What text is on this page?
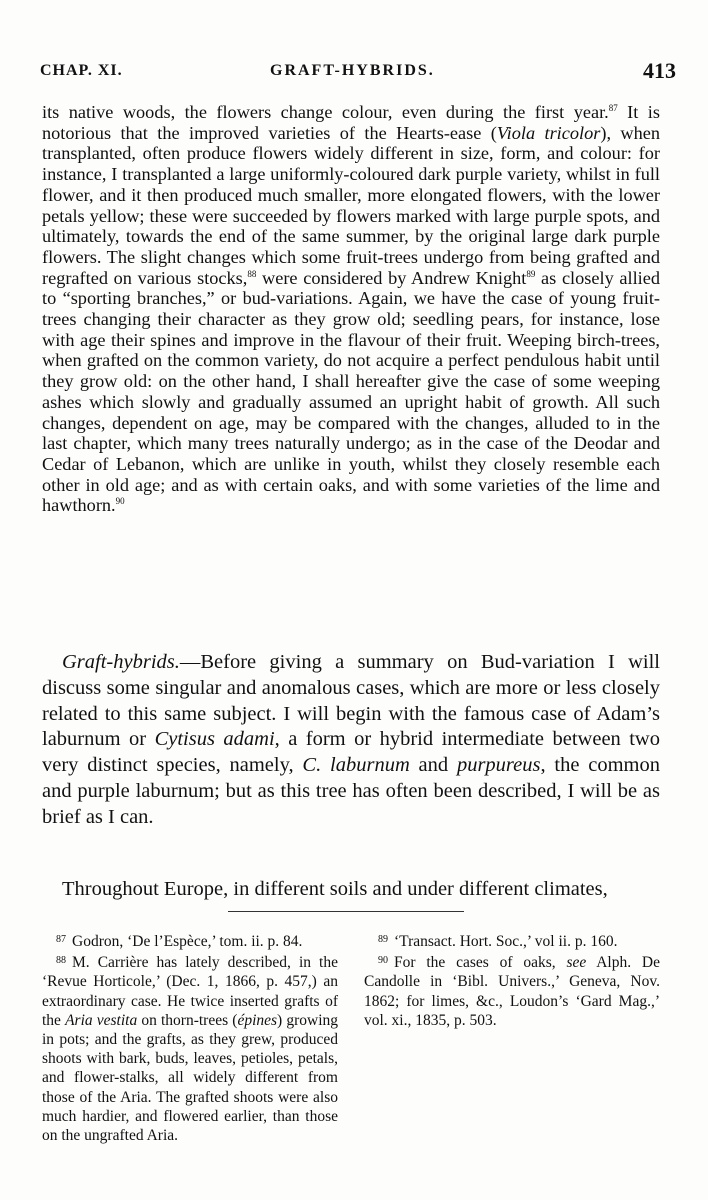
CHAP. XI.	GRAFT-HYBRIDS.	413

its native woods, the flowers change colour, even during the first year.$^{87}$ It is notorious that the improved varieties of the Hearts-ease (Viola tricolor), when transplanted, often produce flowers widely different in size, form, and colour: for instance, I transplanted a large uniformly-coloured dark purple variety, whilst in full flower, and it then produced much smaller, more elongated flowers, with the lower petals yellow; these were succeeded by flowers marked with large purple spots, and ultimately, towards the end of the same summer, by the original large dark purple flowers. The slight changes which some fruit-trees undergo from being grafted and regrafted on various stocks,$^{88}$ were considered by Andrew Knight$^{89}$ as closely allied to “sporting branches,” or bud-variations. Again, we have the case of young fruit-trees changing their character as they grow old; seedling pears, for instance, lose with age their spines and improve in the flavour of their fruit. Weeping birch-trees, when grafted on the common variety, do not acquire a perfect pendulous habit until they grow old: on the other hand, I shall hereafter give the case of some weeping ashes which slowly and gradually assumed an upright habit of growth. All such changes, dependent on age, may be compared with the changes, alluded to in the last chapter, which many trees naturally undergo; as in the case of the Deodar and Cedar of Lebanon, which are unlike in youth, whilst they closely resemble each other in old age; and as with certain oaks, and with some varieties of the lime and hawthorn.$^{90}$

Graft-hybrids.—Before giving a summary on Bud-variation I will discuss some singular and anomalous cases, which are more or less closely related to this same subject. I will begin with the famous case of Adam’s laburnum or Cytisus adami, a form or hybrid intermediate between two very distinct species, namely, C. laburnum and purpureus, the common and purple laburnum; but as this tree has often been described, I will be as brief as I can.

Throughout Europe, in different soils and under different climates,

$^{87}$ Godron, ‘De l’Espèce,’ tom. ii. p. 84.

$^{88}$ M. Carrière has lately described, in the ‘Revue Horticole,’ (Dec. 1, 1866, p. 457,) an extraordinary case. He twice inserted grafts of the Aria vestita on thorn-trees (épines) growing in pots; and the grafts, as they grew, produced shoots with bark, buds, leaves, petioles, petals, and flower-stalks, all widely different from those of the Aria. The grafted shoots were also much hardier, and flowered earlier, than those on the ungrafted Aria.

$^{89}$ ‘Transact. Hort. Soc.,’ vol ii. p. 160.

$^{90}$ For the cases of oaks, see Alph. De Candolle in ‘Bibl. Univers.,’ Geneva, Nov. 1862; for limes, &c., Loudon’s ‘Gard Mag.,’ vol. xi., 1835, p. 503.
